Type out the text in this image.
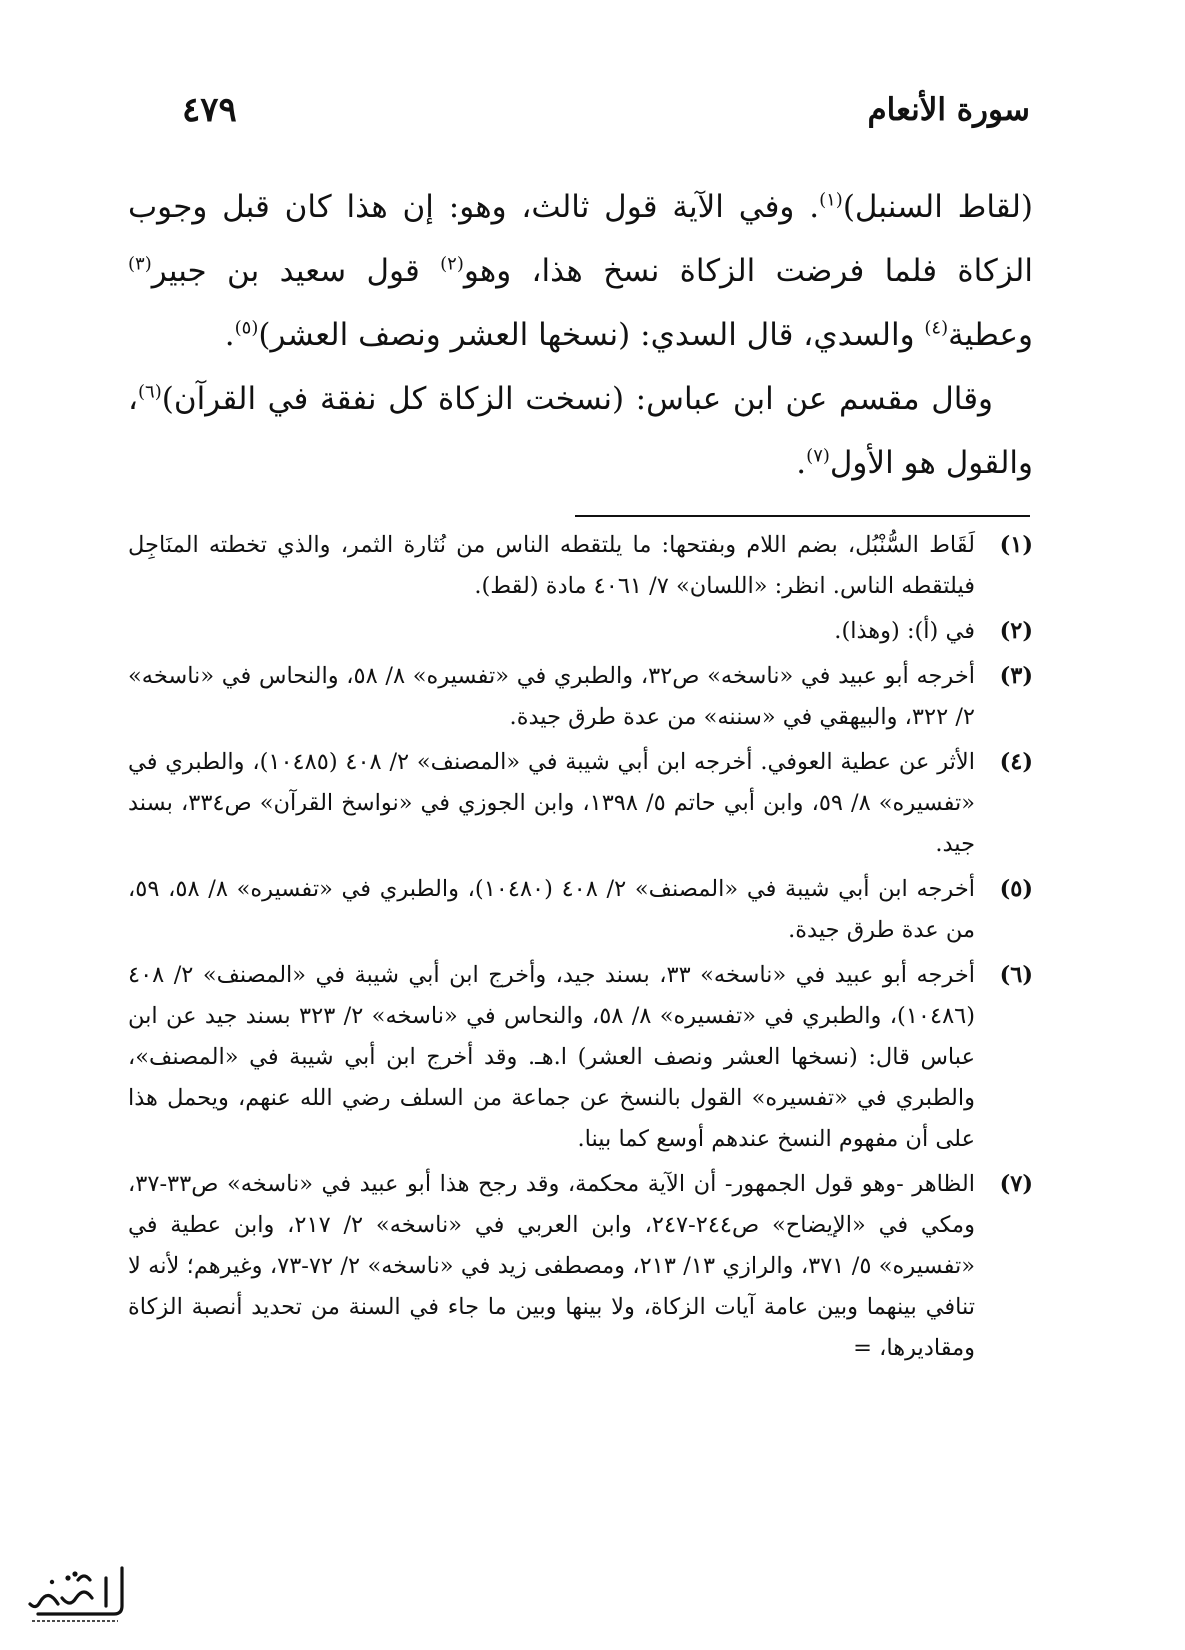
سورة الأنعام
٤٧٩

(لقاط السنبل)$^{(١)}$. وفي الآية قول ثالث، وهو: إن هذا كان قبل وجوب الزكاة فلما فرضت الزكاة نسخ هذا، وهو$^{(٢)}$ قول سعيد بن جبير$^{(٣)}$ وعطية$^{(٤)}$ والسدي، قال السدي: (نسخها العشر ونصف العشر)$^{(٥)}$.

وقال مقسم عن ابن عباس: (نسخت الزكاة كل نفقة في القرآن)$^{(٦)}$، والقول هو الأول$^{(٧)}$.

(١)
لَقَاط السُّنْبُل، بضم اللام وبفتحها: ما يلتقطه الناس من نُثارة الثمر، والذي تخطته المنَاجِل فيلتقطه الناس. انظر: «اللسان» ٧/ ٤٠٦١ مادة (لقط).
(٢)
في (أ): (وهذا).
(٣)
أخرجه أبو عبيد في «ناسخه» ص٣٢، والطبري في «تفسيره» ٨/ ٥٨، والنحاس في «ناسخه» ٢/ ٣٢٢، والبيهقي في «سننه» من عدة طرق جيدة.
(٤)
الأثر عن عطية العوفي. أخرجه ابن أبي شيبة في «المصنف» ٢/ ٤٠٨ (١٠٤٨٥)، والطبري في «تفسيره» ٨/ ٥٩، وابن أبي حاتم ٥/ ١٣٩٨، وابن الجوزي في «نواسخ القرآن» ص٣٣٤، بسند جيد.
(٥)
أخرجه ابن أبي شيبة في «المصنف» ٢/ ٤٠٨ (١٠٤٨٠)، والطبري في «تفسيره» ٨/ ٥٨، ٥٩، من عدة طرق جيدة.
(٦)
أخرجه أبو عبيد في «ناسخه» ٣٣، بسند جيد، وأخرج ابن أبي شيبة في «المصنف» ٢/ ٤٠٨ (١٠٤٨٦)، والطبري في «تفسيره» ٨/ ٥٨، والنحاس في «ناسخه» ٢/ ٣٢٣ بسند جيد عن ابن عباس قال: (نسخها العشر ونصف العشر) ا.هـ. وقد أخرج ابن أبي شيبة في «المصنف»، والطبري في «تفسيره» القول بالنسخ عن جماعة من السلف رضي الله عنهم، ويحمل هذا على أن مفهوم النسخ عندهم أوسع كما بينا.
(٧)
الظاهر -وهو قول الجمهور- أن الآية محكمة، وقد رجح هذا أبو عبيد في «ناسخه» ص٣٣-٣٧، ومكي في «الإيضاح» ص٢٤٤-٢٤٧، وابن العربي في «ناسخه» ٢/ ٢١٧، وابن عطية في «تفسيره» ٥/ ٣٧١، والرازي ١٣/ ٢١٣، ومصطفى زيد في «ناسخه» ٢/ ٧٢-٧٣، وغيرهم؛ لأنه لا تنافي بينهما وبين عامة آيات الزكاة، ولا بينها وبين ما جاء في السنة من تحديد أنصبة الزكاة ومقاديرها، =
